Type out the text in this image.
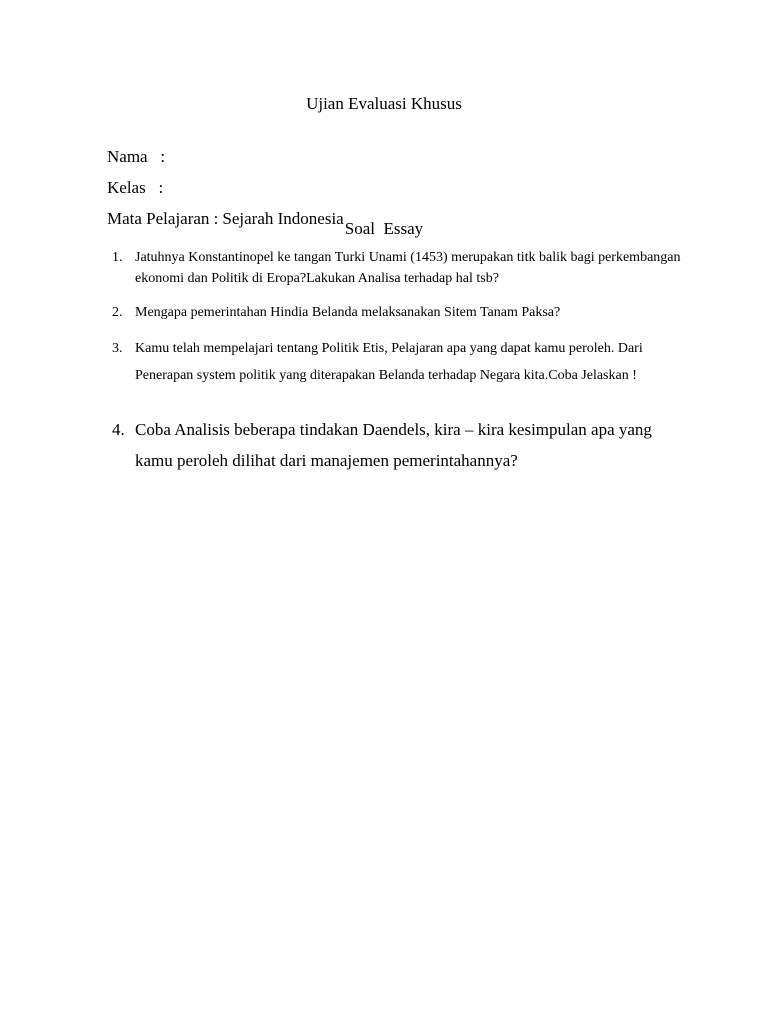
Ujian Evaluasi Khusus

Nama   :

Kelas   :

Mata Pelajaran : Sejarah Indonesia

Soal  Essay
1. Jatuhnya Konstantinopel ke tangan Turki Unami (1453) merupakan titk balik bagi perkembangan ekonomi dan Politik di Eropa?Lakukan Analisa terhadap hal tsb?
2. Mengapa pemerintahan Hindia Belanda melaksanakan Sitem Tanam Paksa?
3. Kamu telah mempelajari tentang Politik Etis, Pelajaran apa yang dapat kamu peroleh. Dari Penerapan system politik yang diterapakan Belanda terhadap Negara kita.Coba Jelaskan !
4. Coba Analisis beberapa tindakan Daendels, kira – kira kesimpulan apa yang kamu peroleh dilihat dari manajemen pemerintahannya?
